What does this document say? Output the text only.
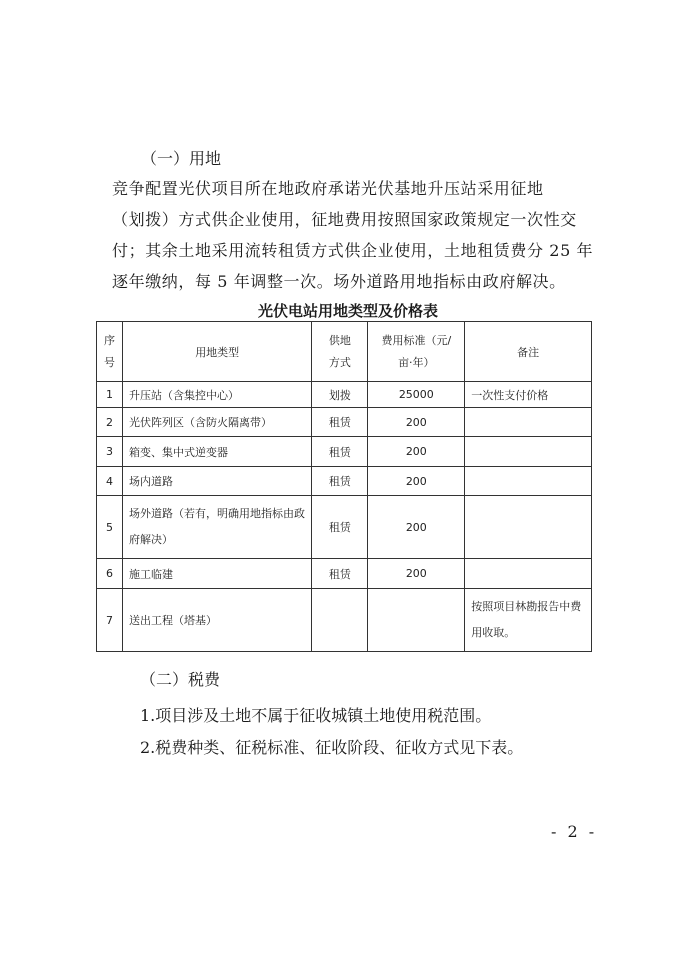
（一）用地
竞争配置光伏项目所在地政府承诺光伏基地升压站采用征地
（划拨）方式供企业使用，征地费用按照国家政策规定一次性交
付；其余土地采用流转租赁方式供企业使用，土地租赁费分 25 年
逐年缴纳，每 5 年调整一次。场外道路用地指标由政府解决。
光伏电站用地类型及价格表
序号	用地类型	供地方式	费用标准（元/亩·年）	备注
1	升压站（含集控中心）	划拨	25000	一次性支付价格
2	光伏阵列区（含防火隔离带）	租赁	200	
3	箱变、集中式逆变器	租赁	200	
4	场内道路	租赁	200	
5	场外道路（若有，明确用地指标由政府解决）	租赁	200	
6	施工临建	租赁	200	
7	送出工程（塔基）			按照项目林勘报告中费用收取。
（二）税费
1.项目涉及土地不属于征收城镇土地使用税范围。
2.税费种类、征税标准、征收阶段、征收方式见下表。
- 2 -
